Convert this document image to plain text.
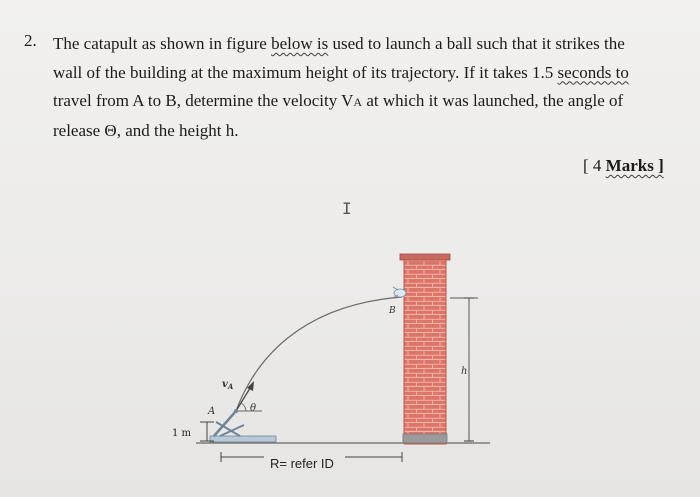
2. The catapult as shown in figure below is used to launch a ball such that it strikes the
wall of the building at the maximum height of its trajectory. If it takes 1.5 seconds to
travel from A to B, determine the velocity VA at which it was launched, the angle of
release Θ, and the height h.
[ 4 Marks ]
I
h
B
$v_A$
θ
A
1 m
R= refer ID
